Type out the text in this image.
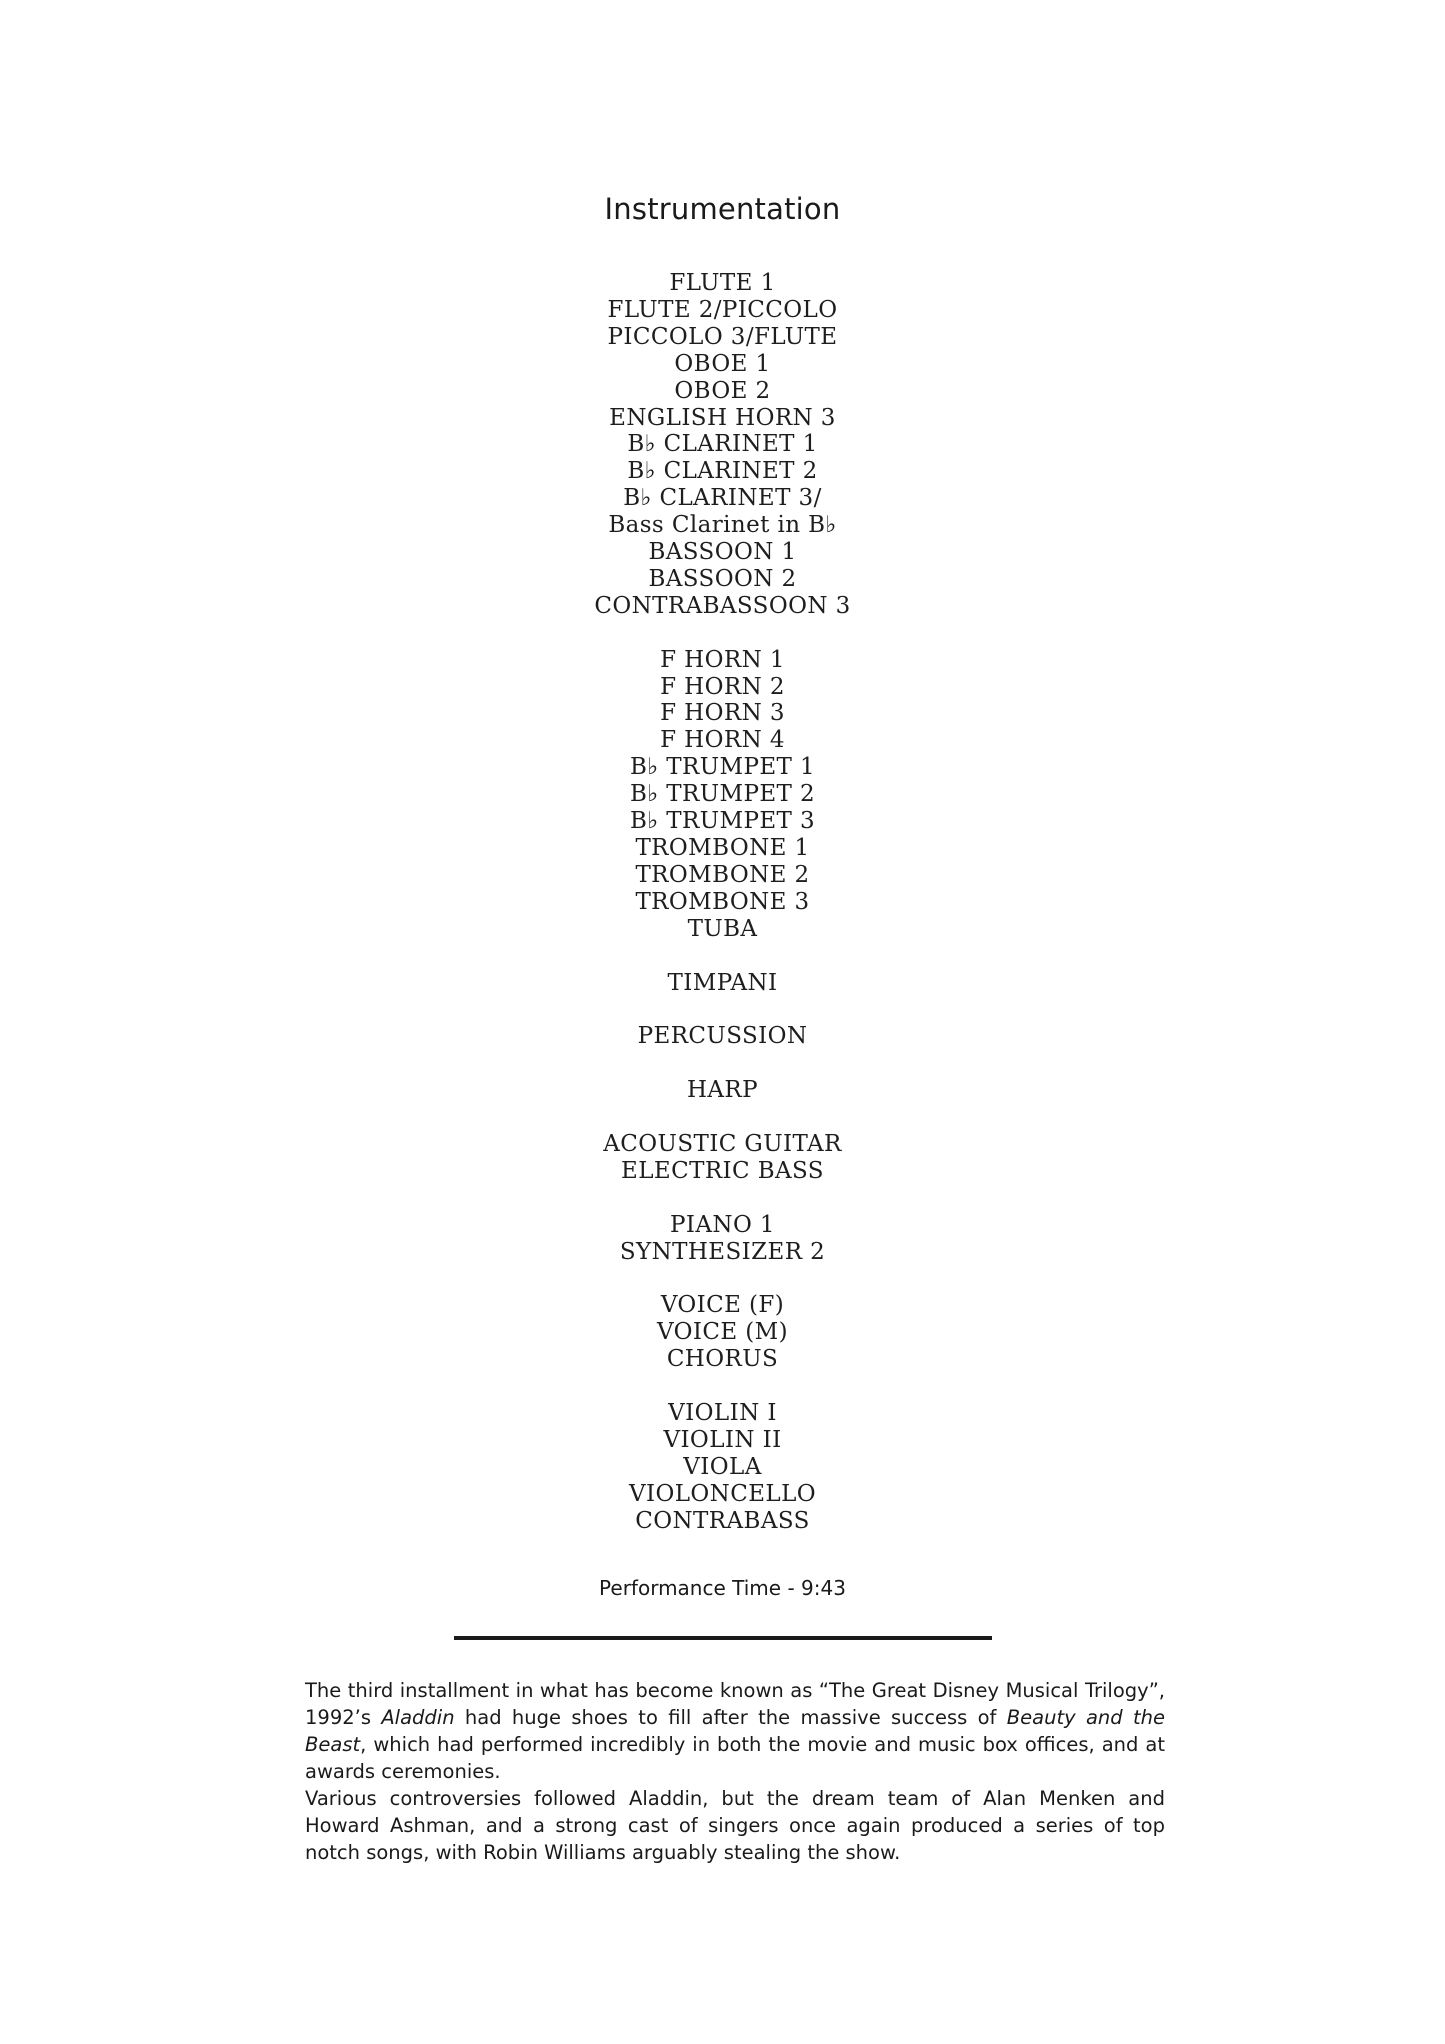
Instrumentation
FLUTE 1
FLUTE 2/PICCOLO
PICCOLO 3/FLUTE
OBOE 1
OBOE 2
ENGLISH HORN 3
B♭ CLARINET 1
B♭ CLARINET 2
B♭ CLARINET 3/
Bass Clarinet in B♭
BASSOON 1
BASSOON 2
CONTRABASSOON 3
F HORN 1
F HORN 2
F HORN 3
F HORN 4
B♭ TRUMPET 1
B♭ TRUMPET 2
B♭ TRUMPET 3
TROMBONE 1
TROMBONE 2
TROMBONE 3
TUBA
TIMPANI
PERCUSSION
HARP
ACOUSTIC GUITAR
ELECTRIC BASS
PIANO 1
SYNTHESIZER 2
VOICE (F)
VOICE (M)
CHORUS
VIOLIN I
VIOLIN II
VIOLA
VIOLONCELLO
CONTRABASS
Performance Time - 9:43

The third installment in what has become known as “The Great Disney Musical Trilogy”, 1992’s Aladdin had huge shoes to fill after the massive success of Beauty and the Beast, which had performed incredibly in both the movie and music box offices, and at awards ceremonies.

Various controversies followed Aladdin, but the dream team of Alan Menken and Howard Ashman, and a strong cast of singers once again produced a series of top notch songs, with Robin Williams arguably stealing the show.
